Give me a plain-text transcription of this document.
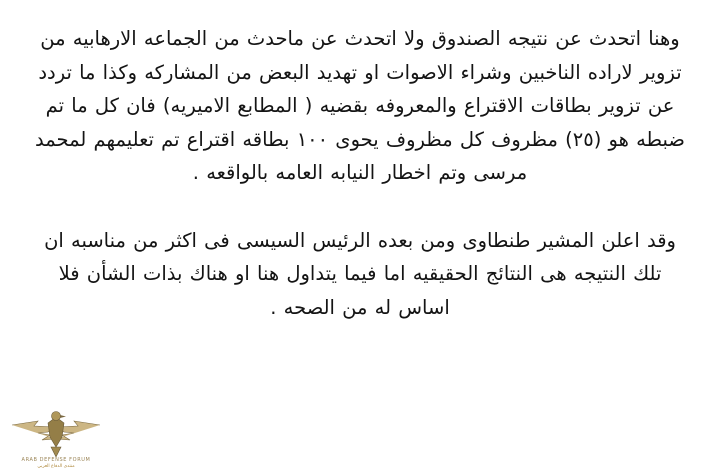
وهنا اتحدث عن نتيجه الصندوق ولا اتحدث عن ماحدث من الجماعه الارهابيه من تزوير لاراده الناخبين وشراء الاصوات او تهديد البعض من المشاركه وكذا ما تردد عن تزوير بطاقات الاقتراع والمعروفه بقضيه ( المطابع الاميريه) فان كل ما تم ضبطه هو (٢٥) مظروف كل مظروف يحوى ١٠٠ بطاقه اقتراع تم تعليمهم لمحمد مرسى وتم اخطار النيابه العامه بالواقعه .

وقد اعلن المشير طنطاوى ومن بعده الرئيس السيسى فى اكثر من مناسبه ان تلك النتيجه هى النتائج الحقيقيه اما فيما يتداول هنا او هناك بذات الشأن فلا اساس له من الصحه .

ARAB DEFENSE FORUM
منتدى الدفاع العربي
